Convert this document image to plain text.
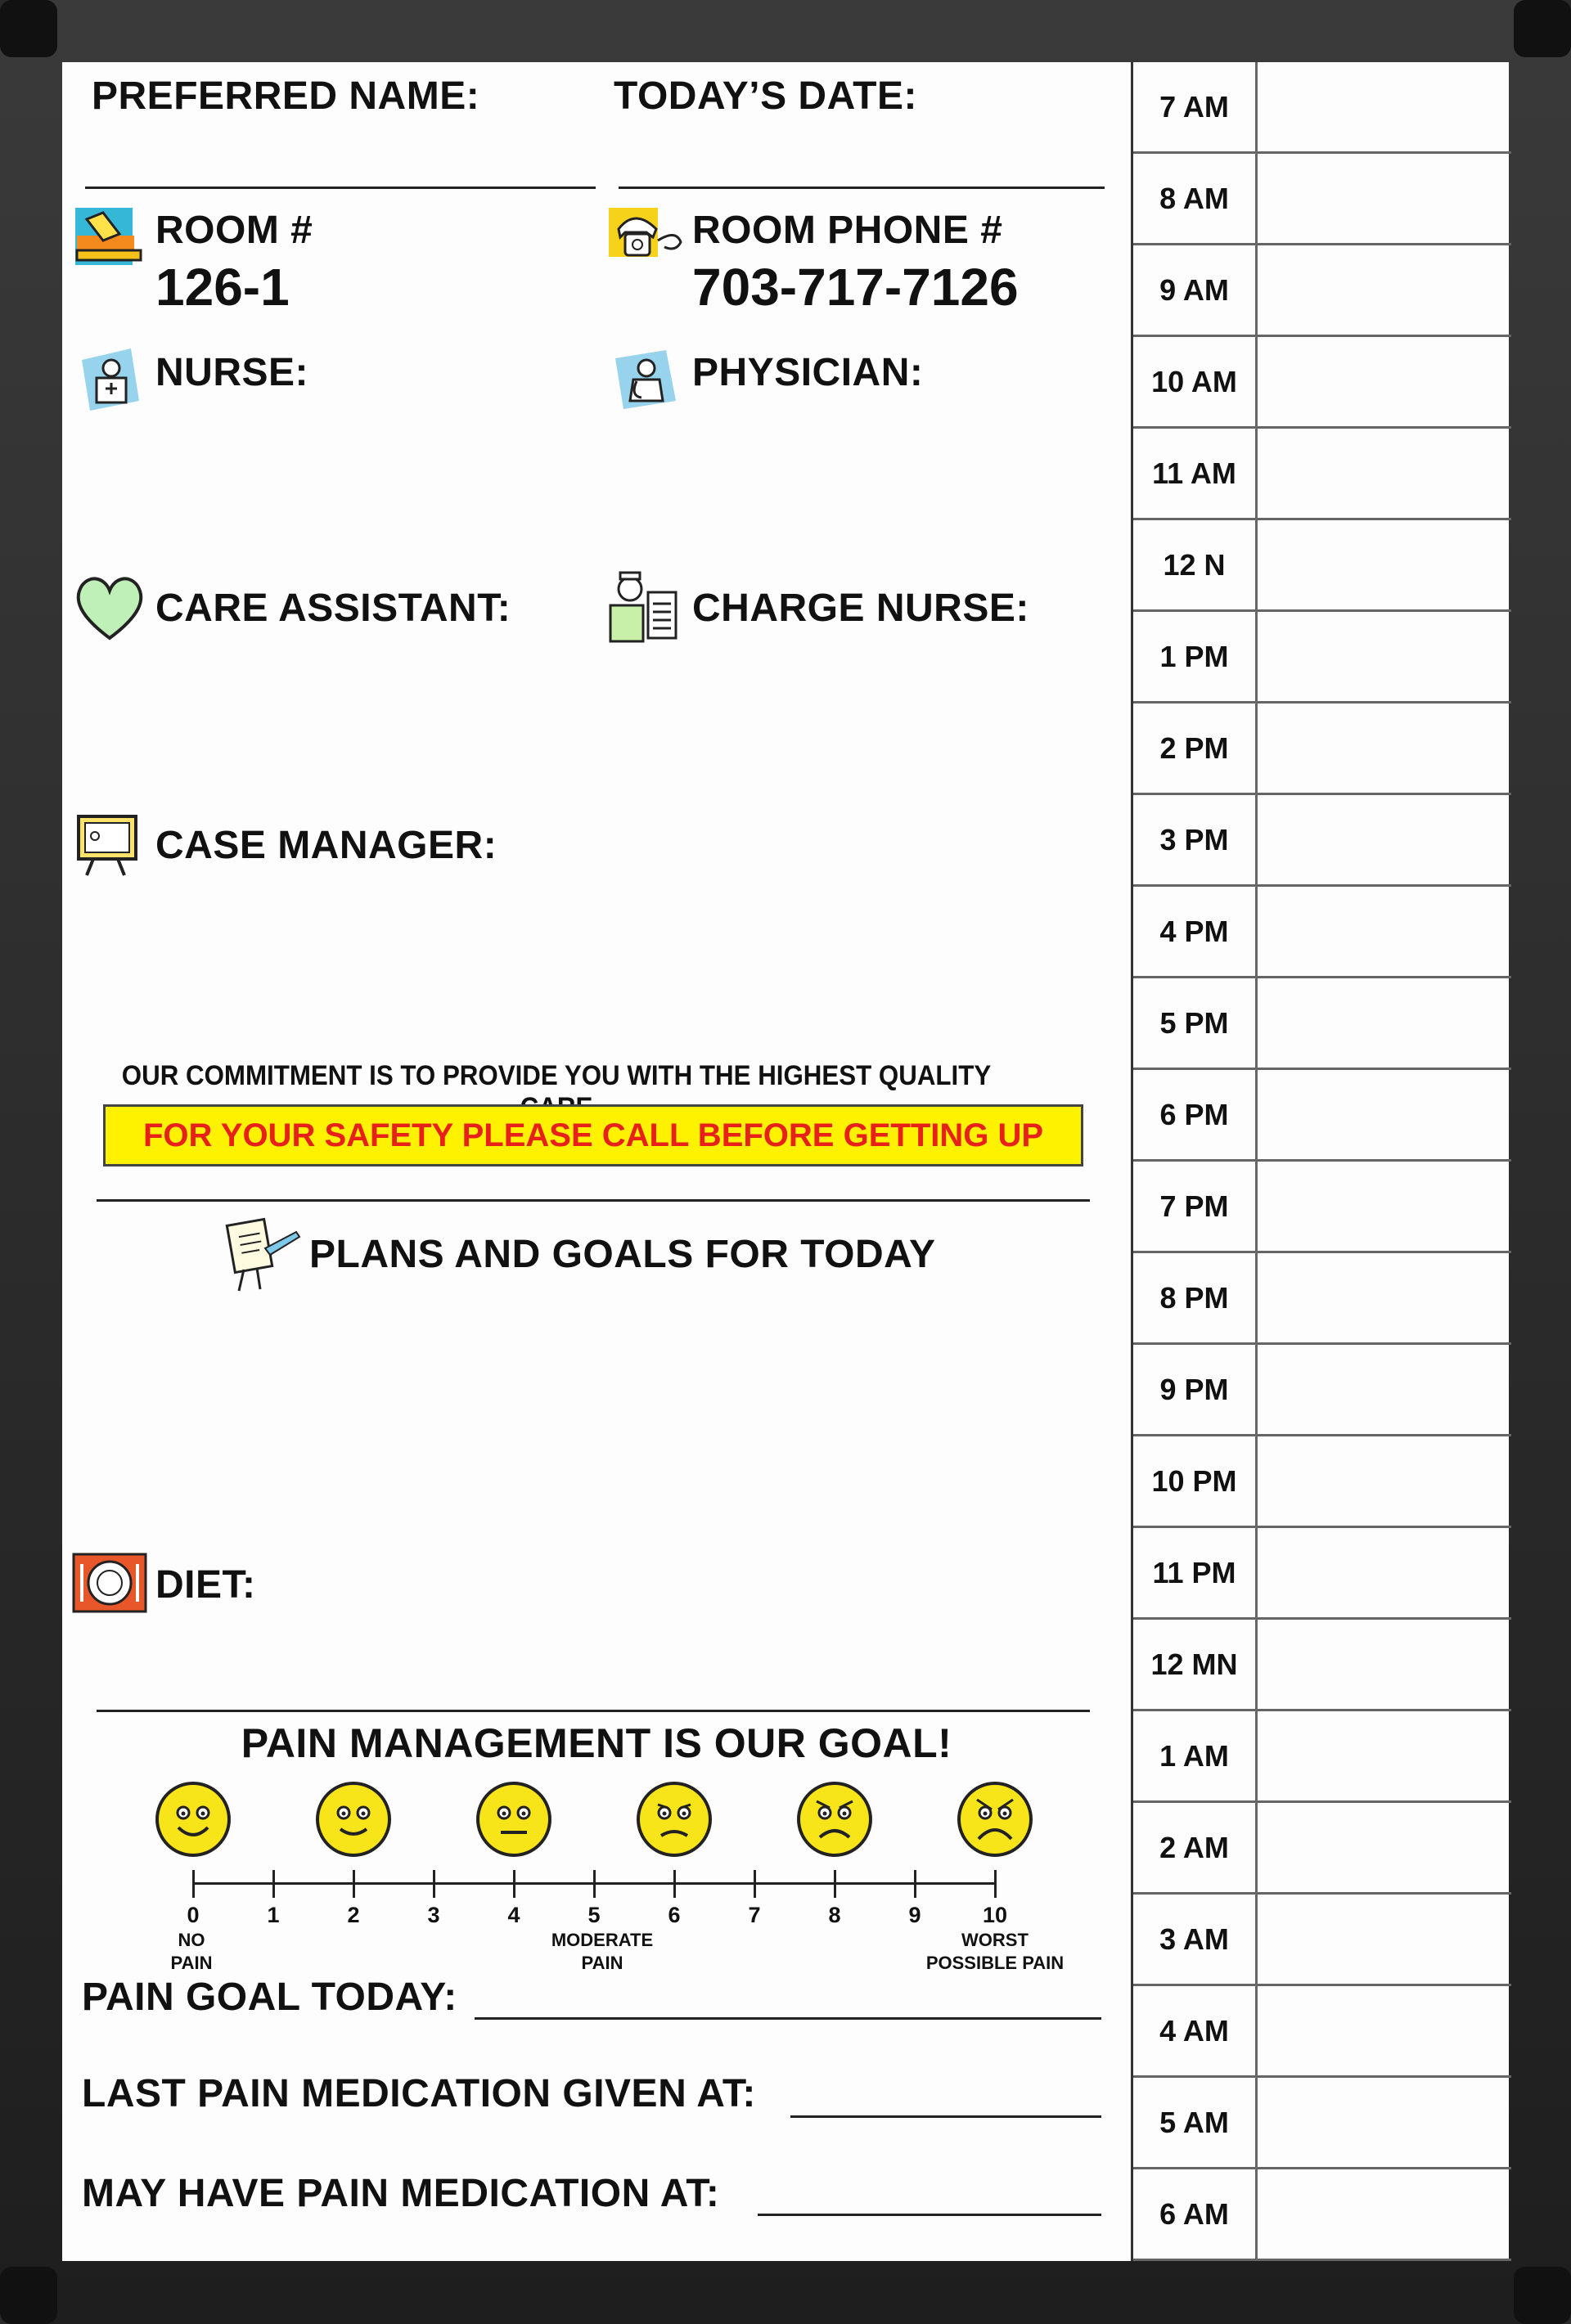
PREFERRED NAME:	TODAY’S DATE:
ROOM #
126-1
ROOM PHONE #
703-717-7126
NURSE:	PHYSICIAN:
CARE ASSISTANT:	CHARGE NURSE:
CASE MANAGER:
OUR COMMITMENT IS TO PROVIDE YOU WITH THE HIGHEST QUALITY
FOR YOUR SAFETY PLEASE CALL BEFORE GETTING UP
PLANS AND GOALS FOR TODAY
DIET:
PAIN MANAGEMENT IS OUR GOAL!
0	1	2	3	4	5	6	7	8	9	10
NO
PAIN
MODERATE
PAIN
WORST
POSSIBLE PAIN
PAIN GOAL TODAY:
LAST PAIN MEDICATION GIVEN AT:
MAY HAVE PAIN MEDICATION AT:
7 AM
8 AM
9 AM
10 AM
11 AM
12 N
1 PM
2 PM
3 PM
4 PM
5 PM
6 PM
7 PM
8 PM
9 PM
10 PM
11 PM
12 MN
1 AM
2 AM
3 AM
4 AM
5 AM
6 AM
